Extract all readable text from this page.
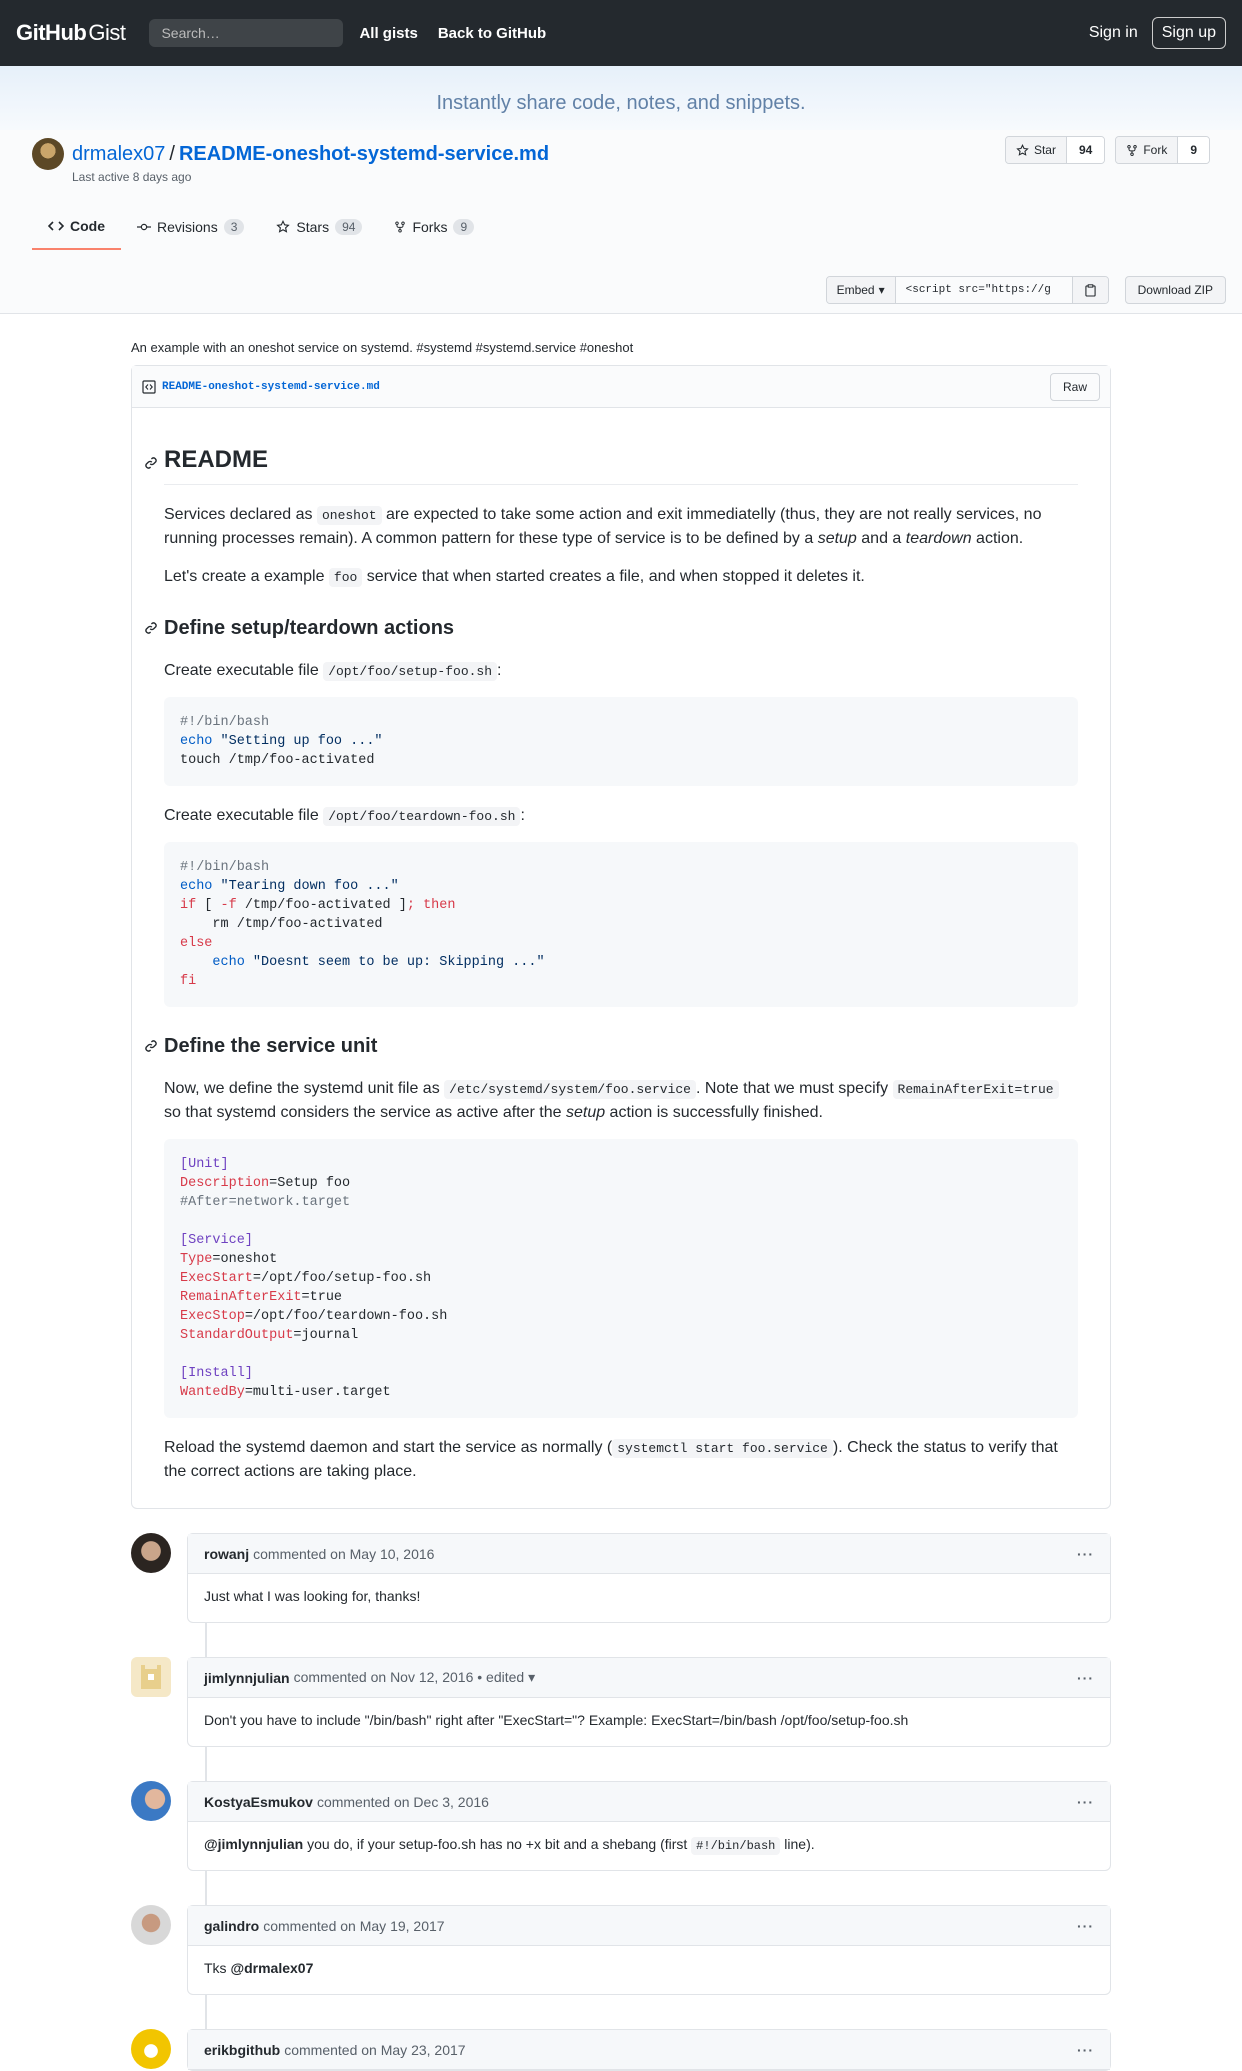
GitHub Gist	Search…	All gists Back to GitHub	Sign in	Sign up
Instantly share code, notes, and snippets.
drmalex07 / README-oneshot-systemd-service.md
Last active 8 days ago
Star	94	Fork	9
Code	Revisions	3	Stars	94	Forks	9
Embed ▾	<script src="https://g	Download ZIP
An example with an oneshot service on systemd. #systemd #systemd.service #oneshot
README-oneshot-systemd-service.md	Raw
README

Services declared as oneshot are expected to take some action and exit immediatelly (thus, they are not really services, no running processes remain). A common pattern for these type of service is to be defined by a setup and a teardown action.

Let's create a example foo service that when started creates a file, and when stopped it deletes it.

Define setup/teardown actions

Create executable file /opt/foo/setup-foo.sh :

#!/bin/bash
echo "Setting up foo ..."
touch /tmp/foo-activated

Create executable file /opt/foo/teardown-foo.sh :

#!/bin/bash
echo "Tearing down foo ..."
if [ -f /tmp/foo-activated ]; then
rm /tmp/foo-activated
else
echo "Doesnt seem to be up: Skipping ..."
fi
Define the service unit

Now, we define the systemd unit file as /etc/systemd/system/foo.service . Note that we must specify RemainAfterExit=true so that systemd considers the service as active after the setup action is successfully finished.

[Unit]
Description=Setup foo
#After=network.target

[Service]
Type=oneshot
ExecStart=/opt/foo/setup-foo.sh
RemainAfterExit=true
ExecStop=/opt/foo/teardown-foo.sh
StandardOutput=journal

[Install]
WantedBy=multi-user.target

Reload the systemd daemon and start the service as normally ( systemctl start foo.service ). Check the status to verify that the correct actions are taking place.

rowanj commented on May 10, 2016	···
Just what I was looking for, thanks!
jimlynnjulian commented on Nov 12, 2016 • edited ▾	···
Don't you have to include "/bin/bash" right after "ExecStart="? Example: ExecStart=/bin/bash /opt/foo/setup-foo.sh
KostyaEsmukov commented on Dec 3, 2016	···
@jimlynnjulian you do, if your setup-foo.sh has no +x bit and a shebang (first #!/bin/bash line).
galindro commented on May 19, 2017	···
Tks @drmalex07
erikbgithub commented on May 23, 2017	···
